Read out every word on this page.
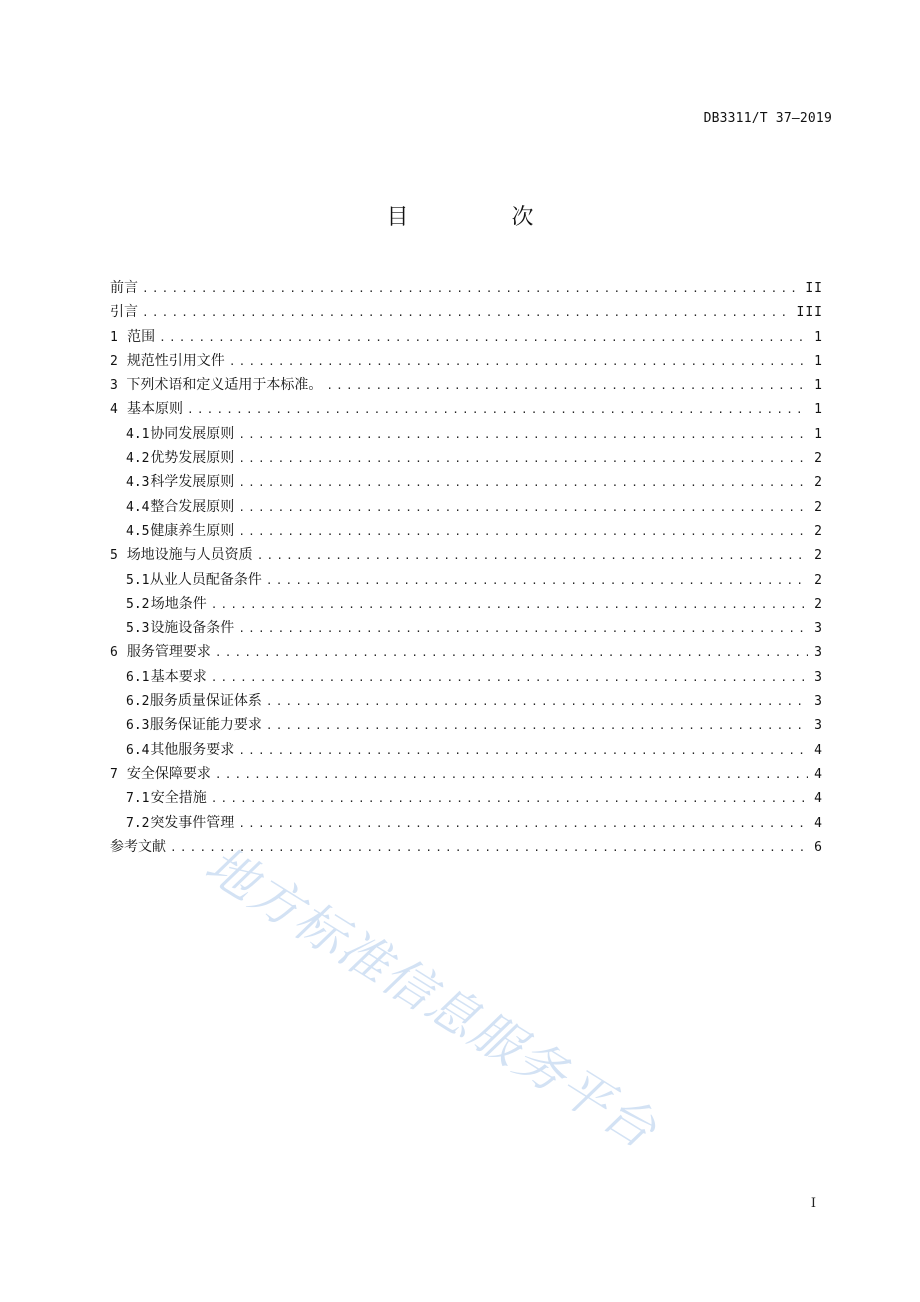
DB3311/T 37—2019
目 次
前言 .....	II
引言 .....	III
1 范围 .....	1
2 规范性引用文件 .....	1
3 下列术语和定义适用于本标准。 .....	1
4 基本原则 .....	1
4.1 协同发展原则 .....	1
4.2 优势发展原则 .....	2
4.3 科学发展原则 .....	2
4.4 整合发展原则 .....	2
4.5 健康养生原则 .....	2
5 场地设施与人员资质 .....	2
5.1 从业人员配备条件 .....	2
5.2 场地条件 .....	2
5.3 设施设备条件 .....	3
6 服务管理要求 .....	3
6.1 基本要求 .....	3
6.2 服务质量保证体系 .....	3
6.3 服务保证能力要求 .....	3
6.4 其他服务要求 .....	4
7 安全保障要求 .....	4
7.1 安全措施 .....	4
7.2 突发事件管理 .....	4
参考文献 .....	6
I
地方标准信息服务平台
